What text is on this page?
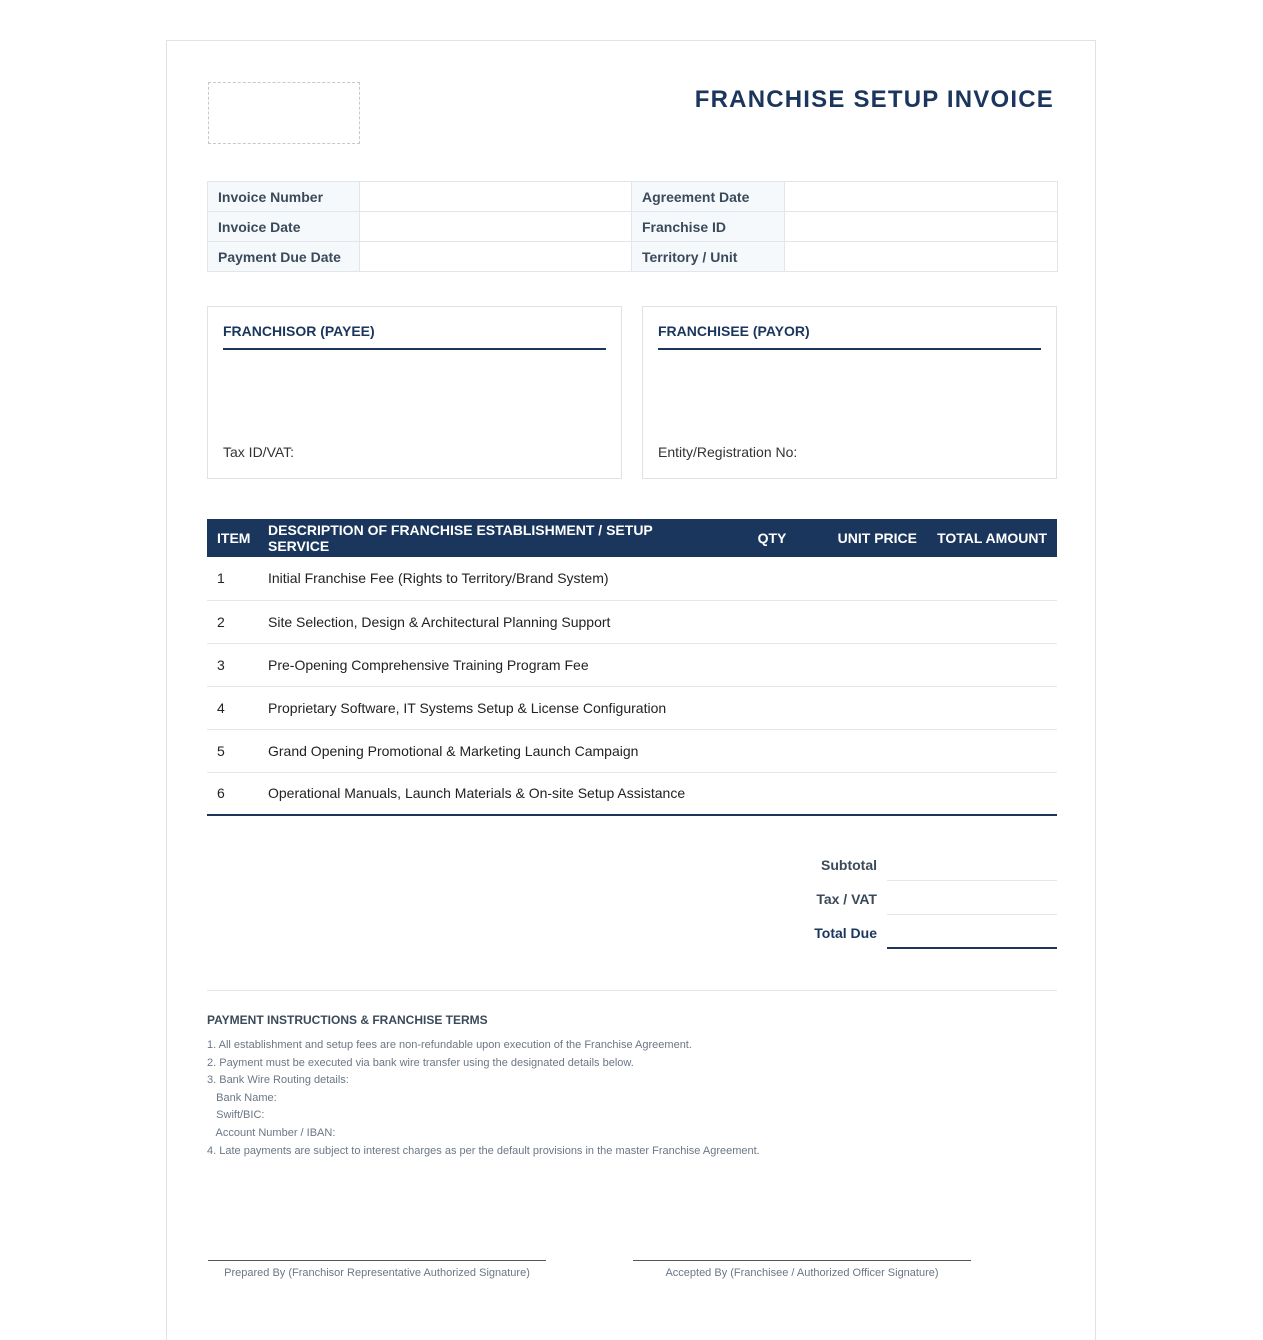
FRANCHISE SETUP INVOICE
Invoice Number		Agreement Date	
Invoice Date		Franchise ID	
Payment Due Date		Territory / Unit	
FRANCHISOR (PAYEE)
Tax ID/VAT:
FRANCHISEE (PAYOR)
Entity/Registration No:
ITEM	DESCRIPTION OF FRANCHISE ESTABLISHMENT / SETUP SERVICE	QTY	UNIT PRICE	TOTAL AMOUNT
1	Initial Franchise Fee (Rights to Territory/Brand System)			
2	Site Selection, Design & Architectural Planning Support			
3	Pre-Opening Comprehensive Training Program Fee			
4	Proprietary Software, IT Systems Setup & License Configuration			
5	Grand Opening Promotional & Marketing Launch Campaign			
6	Operational Manuals, Launch Materials & On-site Setup Assistance			
Subtotal
Tax / VAT
Total Due
PAYMENT INSTRUCTIONS & FRANCHISE TERMS
1. All establishment and setup fees are non-refundable upon execution of the Franchise Agreement.
2. Payment must be executed via bank wire transfer using the designated details below.
3. Bank Wire Routing details:
Bank Name:
Swift/BIC:
Account Number / IBAN:
4. Late payments are subject to interest charges as per the default provisions in the master Franchise Agreement.
Prepared By (Franchisor Representative Authorized Signature)	Accepted By (Franchisee / Authorized Officer Signature)
